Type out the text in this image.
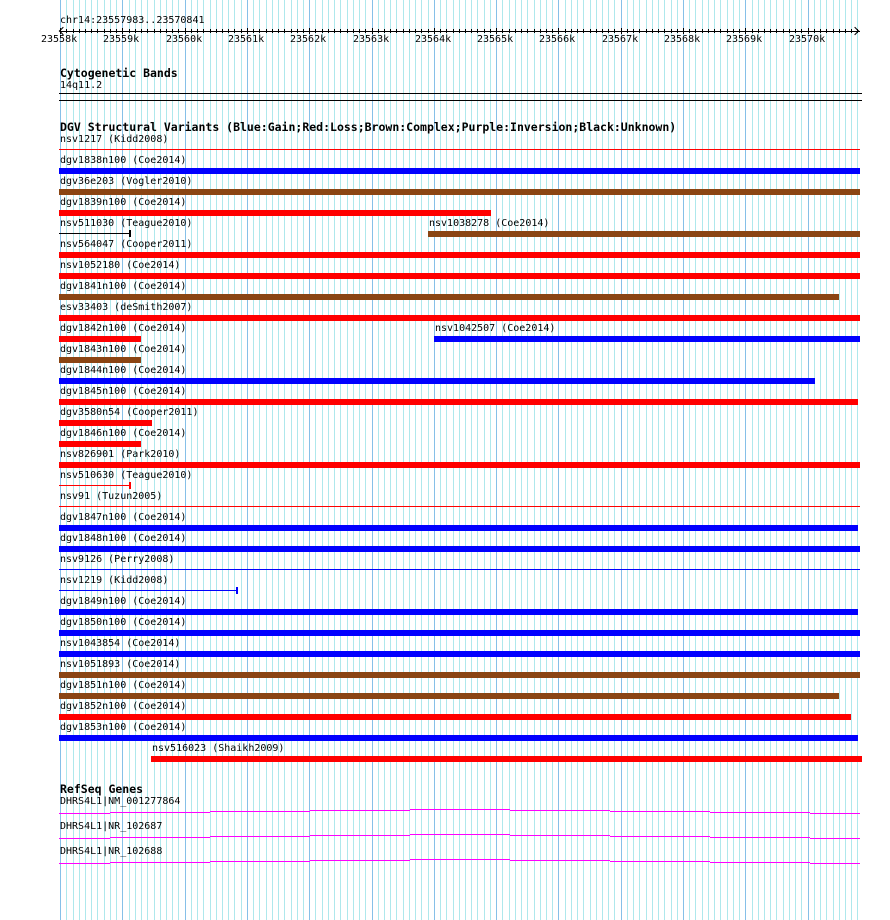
chr14:23557983..23570841
23558k	23559k	23560k	23561k	23562k	23563k	23564k	23565k	23566k	23567k	23568k	23569k	23570k
Cytogenetic Bands
14q11.2
DGV Structural Variants (Blue:Gain;Red:Loss;Brown:Complex;Purple:Inversion;Black:Unknown)
nsv1217 (Kidd2008)
dgv1838n100 (Coe2014)
dgv36e203 (Vogler2010)
dgv1839n100 (Coe2014)
nsv511030 (Teague2010)	nsv1038278 (Coe2014)
nsv564047 (Cooper2011)
nsv1052180 (Coe2014)
dgv1841n100 (Coe2014)
esv33403 (deSmith2007)
dgv1842n100 (Coe2014)	nsv1042507 (Coe2014)
dgv1843n100 (Coe2014)
dgv1844n100 (Coe2014)
dgv1845n100 (Coe2014)
dgv3580n54 (Cooper2011)
dgv1846n100 (Coe2014)
nsv826901 (Park2010)
nsv510630 (Teague2010)
nsv91 (Tuzun2005)
dgv1847n100 (Coe2014)
dgv1848n100 (Coe2014)
nsv9126 (Perry2008)
nsv1219 (Kidd2008)
dgv1849n100 (Coe2014)
dgv1850n100 (Coe2014)
nsv1043854 (Coe2014)
nsv1051893 (Coe2014)
dgv1851n100 (Coe2014)
dgv1852n100 (Coe2014)
dgv1853n100 (Coe2014)
nsv516023 (Shaikh2009)
RefSeq Genes
DHRS4L1|NM_001277864
DHRS4L1|NR_102687
DHRS4L1|NR_102688
